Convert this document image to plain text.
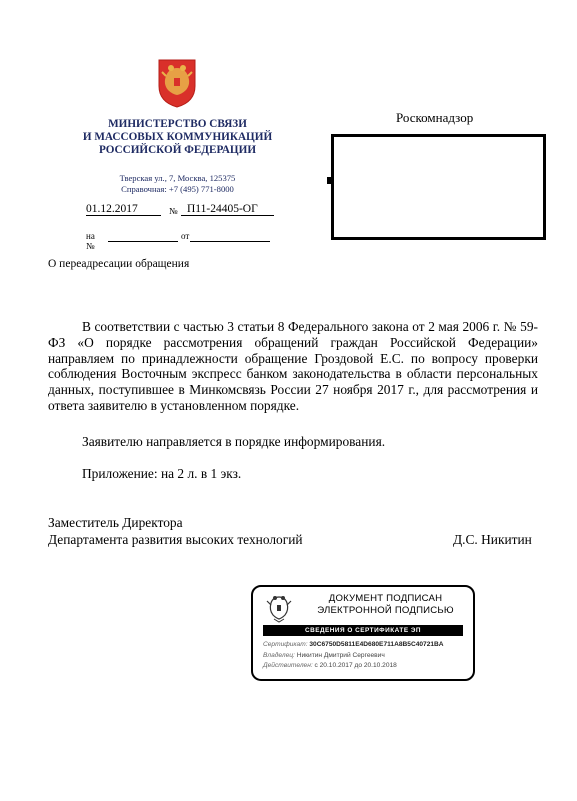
МИНИСТЕРСТВО СВЯЗИ
И МАССОВЫХ КОММУНИКАЦИЙ
РОССИЙСКОЙ ФЕДЕРАЦИИ
Тверская ул., 7, Москва, 125375
Справочная: +7 (495) 771-8000
01.12.2017	№ П11-24405-ОГ
на №
от
Роскомнадзор
О переадресации обращения

В соответствии с частью 3 статьи 8 Федерального закона от 2 мая 2006 г. № 59-ФЗ «О порядке рассмотрения обращений граждан Российской Федерации» направляем по принадлежности обращение Гроздовой Е.С. по вопросу проверки соблюдения Восточным экспресс банком законодательства в области персональных данных, поступившее в Минкомсвязь России 27 ноября 2017 г., для рассмотрения и ответа заявителю в установленном порядке.

Заявителю направляется в порядке информирования.
Приложение: на 2 л. в 1 экз.
Заместитель Директора
Департамента развития высоких технологий	Д.С. Никитин
ДОКУМЕНТ ПОДПИСАН
ЭЛЕКТРОННОЙ ПОДПИСЬЮ
СВЕДЕНИЯ О СЕРТИФИКАТЕ ЭП
Сертификат: 30C6750D5811E4D680E711A8B5C40721BA
Владелец: Никитин Дмитрий Сергеевич
Действителен: с 20.10.2017 до 20.10.2018
